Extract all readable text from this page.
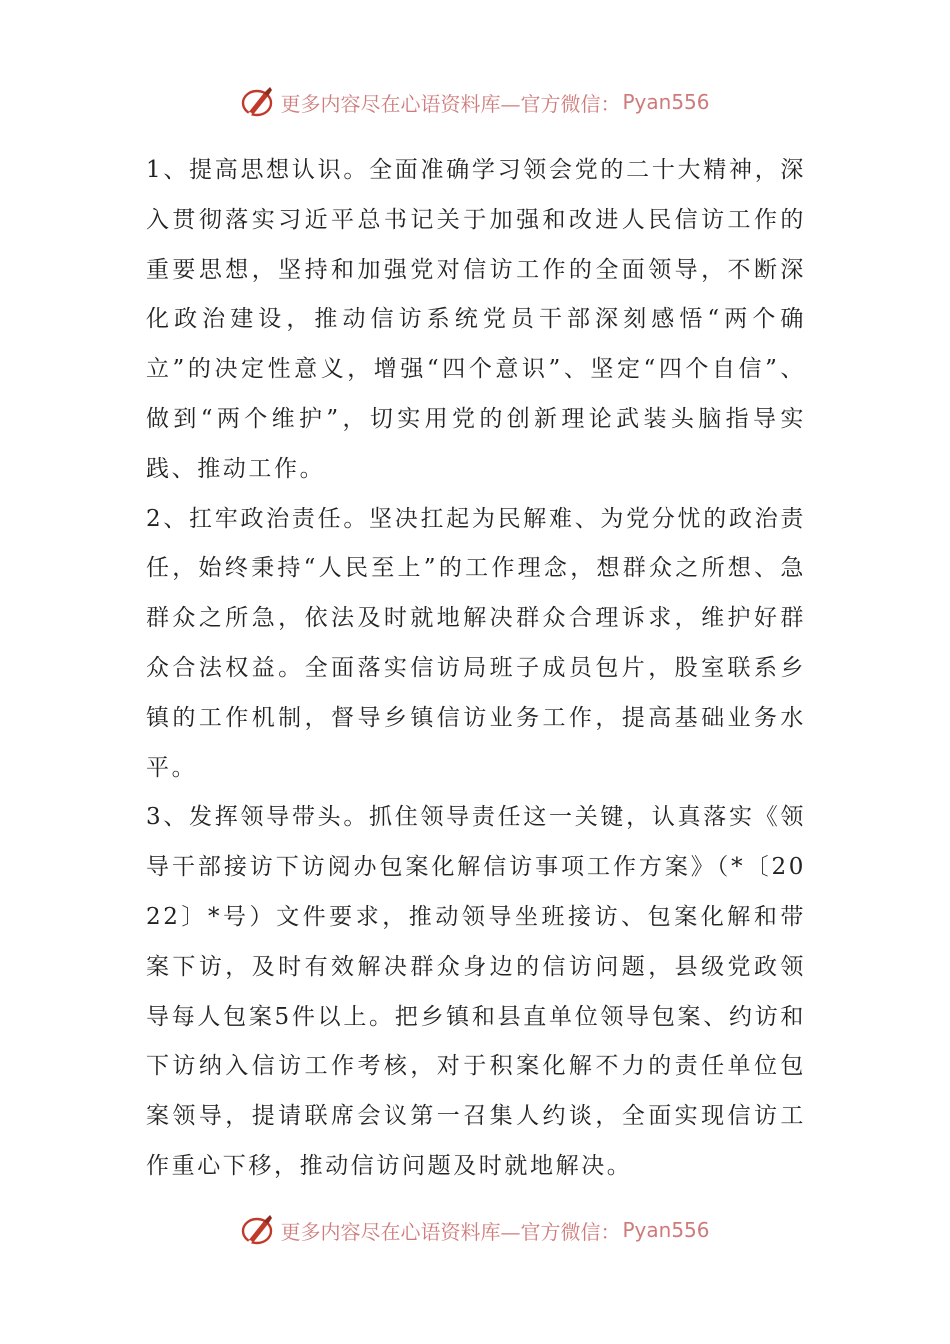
更多内容尽在心语资料库—官方微信： Pyan556

1、提高思想认识。全面准确学习领会党的二十大精神，深入贯彻落实习近平总书记关于加强和改进人民信访工作的重要思想，坚持和加强党对信访工作的全面领导，不断深化政治建设，推动信访系统党员干部深刻感悟“两个确立”的决定性意义，增强“四个意识”、坚定“四个自信”、做到“两个维护”，切实用党的创新理论武装头脑指导实践、推动工作。

2、扛牢政治责任。坚决扛起为民解难、为党分忧的政治责任，始终秉持“人民至上”的工作理念，想群众之所想、急群众之所急，依法及时就地解决群众合理诉求，维护好群众合法权益。全面落实信访局班子成员包片，股室联系乡镇的工作机制，督导乡镇信访业务工作，提高基础业务水平。

3、发挥领导带头。抓住领导责任这一关键，认真落实《领导干部接访下访阅办包案化解信访事项工作方案》（*〔2022〕*号）文件要求，推动领导坐班接访、包案化解和带案下访，及时有效解决群众身边的信访问题，县级党政领导每人包案5件以上。把乡镇和县直单位领导包案、约访和下访纳入信访工作考核，对于积案化解不力的责任单位包案领导，提请联席会议第一召集人约谈，全面实现信访工作重心下移，推动信访问题及时就地解决。

更多内容尽在心语资料库—官方微信： Pyan556
